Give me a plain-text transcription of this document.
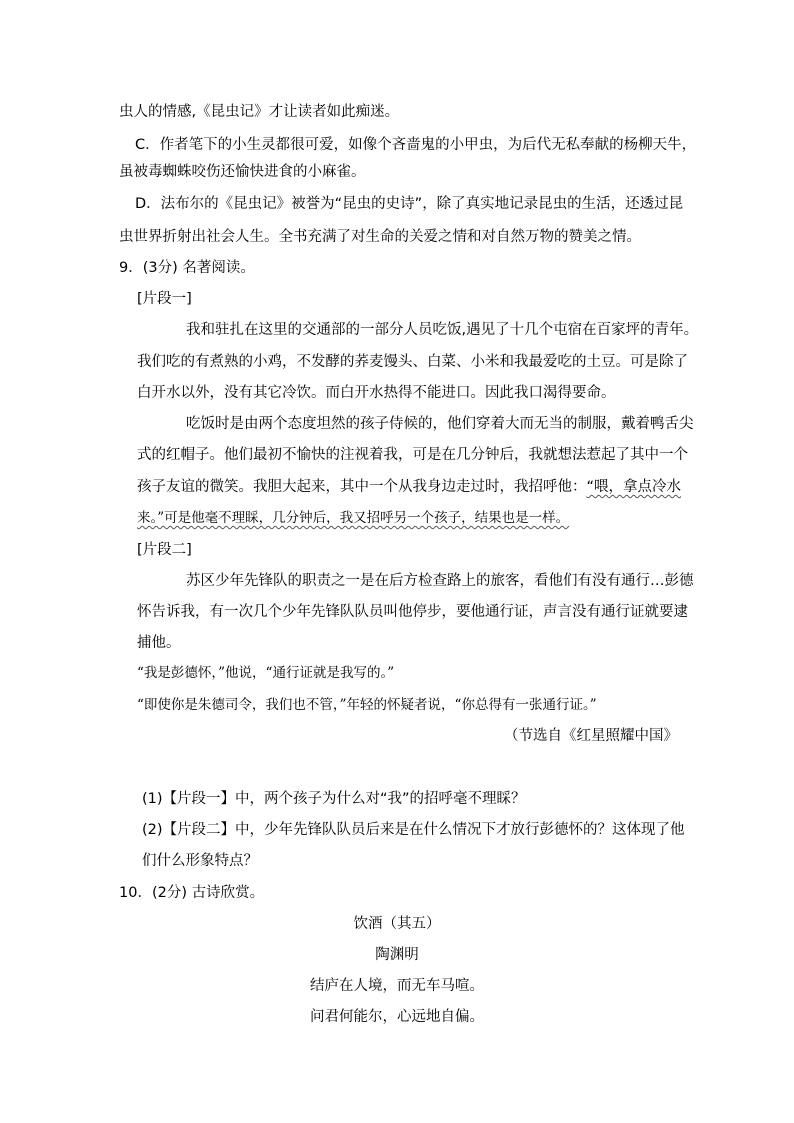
虫人的情感,《昆虫记》才让读者如此痴迷。
C．作者笔下的小生灵都很可爱，如像个吝啬鬼的小甲虫，为后代无私奉献的杨柳天牛，
虽被毒蜘蛛咬伤还愉快进食的小麻雀。
D．法布尔的《昆虫记》被誉为“昆虫的史诗”，除了真实地记录昆虫的生活，还透过昆
虫世界折射出社会人生。全书充满了对生命的关爱之情和对自然万物的赞美之情。
9．(3分) 名著阅读。
[片段一]
我和驻扎在这里的交通部的一部分人员吃饭,遇见了十几个屯宿在百家坪的青年。
我们吃的有煮熟的小鸡，不发酵的荞麦馒头、白菜、小米和我最爱吃的土豆。可是除了
白开水以外，没有其它冷饮。而白开水热得不能进口。因此我口渴得要命。
吃饭时是由两个态度坦然的孩子侍候的，他们穿着大而无当的制服，戴着鸭舌尖
式的红帽子。他们最初不愉快的注视着我，可是在几分钟后，我就想法惹起了其中一个
孩子友谊的微笑。我胆大起来，其中一个从我身边走过时，我招呼他：“喂，拿点冷水
来。”可是他毫不理睬，几分钟后，我又招呼另一个孩子，结果也是一样。
[片段二]
苏区少年先锋队的职责之一是在后方检查路上的旅客，看他们有没有通行…彭德
怀告诉我，有一次几个少年先锋队队员叫他停步，要他通行证，声言没有通行证就要逮
捕他。
“我是彭德怀，”他说，“通行证就是我写的。”
“即使你是朱德司令，我们也不管，”年轻的怀疑者说，“你总得有一张通行证。”
（节选自《红星照耀中国》
(1)【片段一】中，两个孩子为什么对“我”的招呼毫不理睬？
(2)【片段二】中，少年先锋队队员后来是在什么情况下才放行彭德怀的？这体现了他
们什么形象特点？
10．(2分) 古诗欣赏。
饮酒（其五）
陶渊明
结庐在人境，而无车马喧。
问君何能尔，心远地自偏。
